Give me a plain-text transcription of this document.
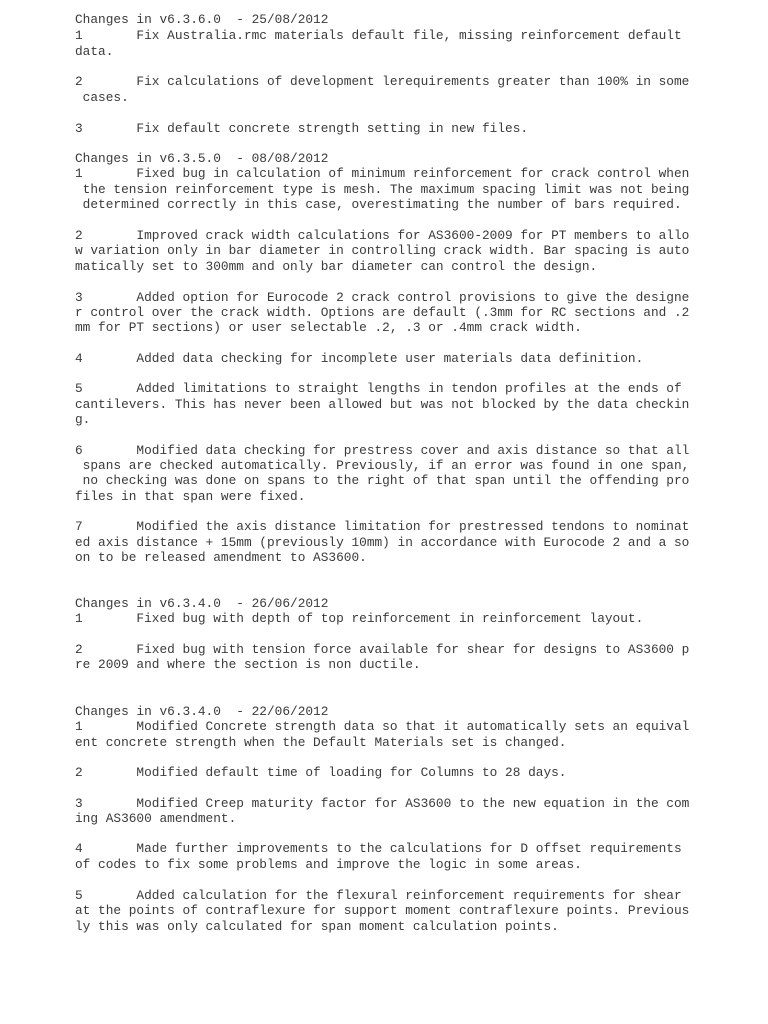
Changes in v6.3.6.0  - 25/08/2012
1       Fix Australia.rmc materials default file, missing reinforcement default
data.
2       Fix calculations of development lerequirements greater than 100% in some
cases.
3       Fix default concrete strength setting in new files.
Changes in v6.3.5.0  - 08/08/2012
1       Fixed bug in calculation of minimum reinforcement for crack control when
the tension reinforcement type is mesh. The maximum spacing limit was not being
determined correctly in this case, overestimating the number of bars required.
2       Improved crack width calculations for AS3600-2009 for PT members to allo
w variation only in bar diameter in controlling crack width. Bar spacing is auto
matically set to 300mm and only bar diameter can control the design.
3       Added option for Eurocode 2 crack control provisions to give the designe
r control over the crack width. Options are default (.3mm for RC sections and .2
mm for PT sections) or user selectable .2, .3 or .4mm crack width.
4       Added data checking for incomplete user materials data definition.
5       Added limitations to straight lengths in tendon profiles at the ends of
cantilevers. This has never been allowed but was not blocked by the data checkin
g.
6       Modified data checking for prestress cover and axis distance so that all
spans are checked automatically. Previously, if an error was found in one span,
no checking was done on spans to the right of that span until the offending pro
files in that span were fixed.
7       Modified the axis distance limitation for prestressed tendons to nominat
ed axis distance + 15mm (previously 10mm) in accordance with Eurocode 2 and a so
on to be released amendment to AS3600.
Changes in v6.3.4.0  - 26/06/2012
1       Fixed bug with depth of top reinforcement in reinforcement layout.
2       Fixed bug with tension force available for shear for designs to AS3600 p
re 2009 and where the section is non ductile.
Changes in v6.3.4.0  - 22/06/2012
1       Modified Concrete strength data so that it automatically sets an equival
ent concrete strength when the Default Materials set is changed.
2       Modified default time of loading for Columns to 28 days.
3       Modified Creep maturity factor for AS3600 to the new equation in the com
ing AS3600 amendment.
4       Made further improvements to the calculations for D offset requirements
of codes to fix some problems and improve the logic in some areas.
5       Added calculation for the flexural reinforcement requirements for shear
at the points of contraflexure for support moment contraflexure points. Previous
ly this was only calculated for span moment calculation points.
